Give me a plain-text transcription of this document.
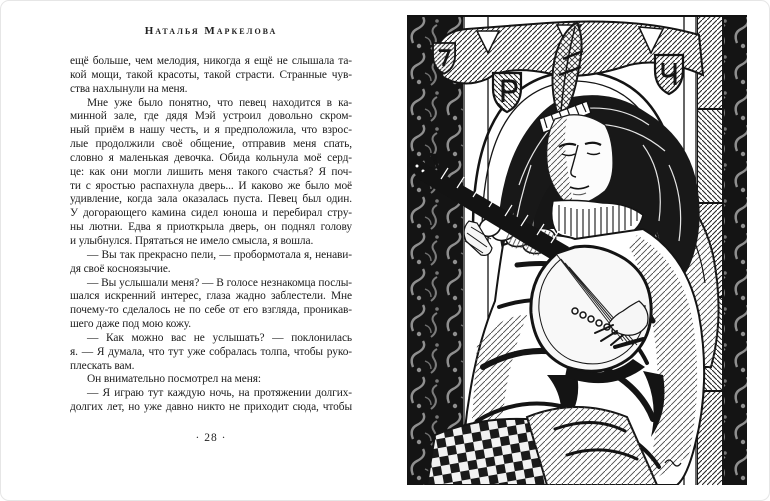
Наталья Маркелова
ещё больше, чем мелодия, никогда я ещё не слышала та-
кой мощи, такой красоты, такой страсти. Странные чув-
ства нахлынули на меня.
Мне уже было понятно, что певец находится в ка-
минной зале, где дядя Мэй устроил довольно скром-
ный приём в нашу честь, и я предположила, что взрос-
лые продолжили своё общение, отправив меня спать,
словно я маленькая девочка. Обида кольнула моё серд-
це: как они могли лишить меня такого счастья? Я поч-
ти с яростью распахнула дверь... И каково же было моё
удивление, когда зала оказалась пуста. Певец был один.
У догорающего камина сидел юноша и перебирал стру-
ны лютни. Едва я приоткрыла дверь, он поднял голову
и улыбнулся. Прятаться не имело смысла, я вошла.
— Вы так прекрасно пели, — пробормотала я, ненави-
дя своё косноязычие.
— Вы услышали меня? — В голосе незнакомца послы-
шался искренний интерес, глаза жадно заблестели. Мне
почему-то сделалось не по себе от его взгляда, проникав-
шего даже под мою кожу.
— Как можно вас не услышать? — поклонилась
я. — Я думала, что тут уже собралась толпа, чтобы руко-
плескать вам.
Он внимательно посмотрел на меня:
— Я играю тут каждую ночь, на протяжении долгих-
долгих лет, но уже давно никто не приходит сюда, чтобы
· 28 ·
